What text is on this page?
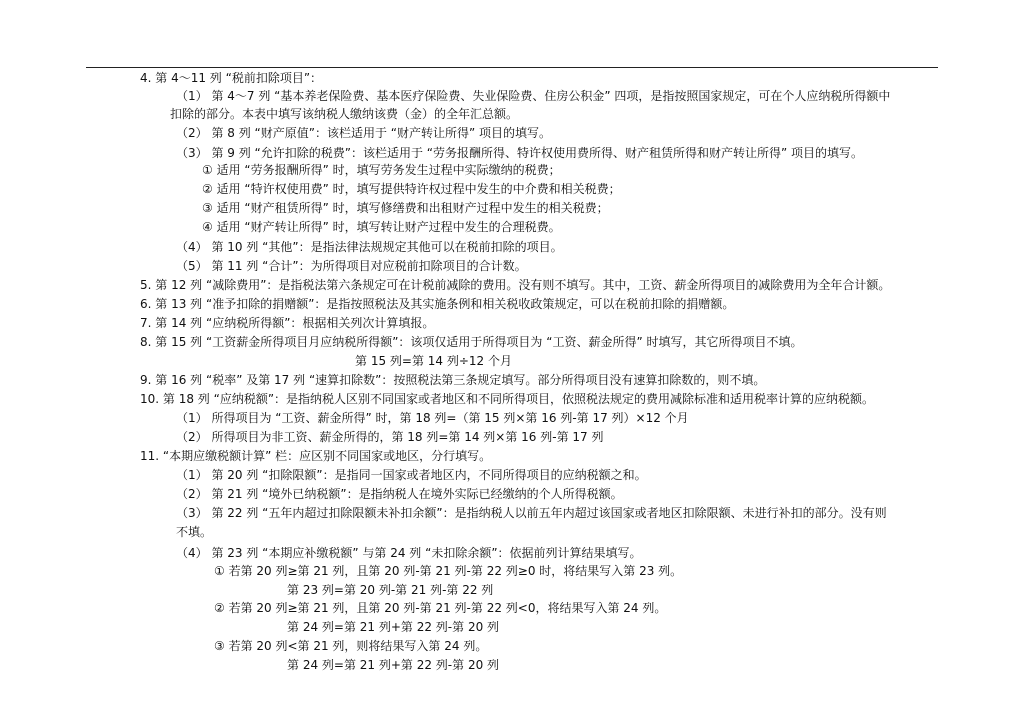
4. 第 4～11 列 “税前扣除项目”：
（1） 第 4～7 列 “基本养老保险费、基本医疗保险费、失业保险费、住房公积金” 四项，是指按照国家规定，可在个人应纳税所得额中
扣除的部分。本表中填写该纳税人缴纳该费（金）的全年汇总额。
（2） 第 8 列 “财产原值”：该栏适用于 “财产转让所得” 项目的填写。
（3） 第 9 列 “允许扣除的税费”：该栏适用于 “劳务报酬所得、特许权使用费所得、财产租赁所得和财产转让所得” 项目的填写。
① 适用 “劳务报酬所得” 时，填写劳务发生过程中实际缴纳的税费；
② 适用 “特许权使用费” 时，填写提供特许权过程中发生的中介费和相关税费；
③ 适用 “财产租赁所得” 时，填写修缮费和出租财产过程中发生的相关税费；
④ 适用 “财产转让所得” 时，填写转让财产过程中发生的合理税费。
（4） 第 10 列 “其他”：是指法律法规规定其他可以在税前扣除的项目。
（5） 第 11 列 “合计”：为所得项目对应税前扣除项目的合计数。
5. 第 12 列 “减除费用”：是指税法第六条规定可在计税前减除的费用。没有则不填写。其中，工资、薪金所得项目的减除费用为全年合计额。
6. 第 13 列 “准予扣除的捐赠额”：是指按照税法及其实施条例和相关税收政策规定，可以在税前扣除的捐赠额。
7. 第 14 列 “应纳税所得额”：根据相关列次计算填报。
8. 第 15 列 “工资薪金所得项目月应纳税所得额”：该项仅适用于所得项目为 “工资、薪金所得” 时填写，其它所得项目不填。
第 15 列=第 14 列÷12 个月
9. 第 16 列 “税率” 及第 17 列 “速算扣除数”：按照税法第三条规定填写。部分所得项目没有速算扣除数的，则不填。
10. 第 18 列 “应纳税额”：是指纳税人区别不同国家或者地区和不同所得项目，依照税法规定的费用减除标准和适用税率计算的应纳税额。
（1） 所得项目为 “工资、薪金所得” 时，第 18 列=（第 15 列×第 16 列-第 17 列）×12 个月
（2） 所得项目为非工资、薪金所得的，第 18 列=第 14 列×第 16 列-第 17 列
11. “本期应缴税额计算” 栏：应区别不同国家或地区，分行填写。
（1） 第 20 列 “扣除限额”：是指同一国家或者地区内，不同所得项目的应纳税额之和。
（2） 第 21 列 “境外已纳税额”：是指纳税人在境外实际已经缴纳的个人所得税额。
（3） 第 22 列 “五年内超过扣除限额未补扣余额”：是指纳税人以前五年内超过该国家或者地区扣除限额、未进行补扣的部分。没有则
不填。
（4） 第 23 列 “本期应补缴税额” 与第 24 列 “未扣除余额”：依据前列计算结果填写。
① 若第 20 列≥第 21 列，且第 20 列-第 21 列-第 22 列≥0 时，将结果写入第 23 列。
第 23 列=第 20 列-第 21 列-第 22 列
② 若第 20 列≥第 21 列，且第 20 列-第 21 列-第 22 列<0，将结果写入第 24 列。
第 24 列=第 21 列+第 22 列-第 20 列
③ 若第 20 列<第 21 列，则将结果写入第 24 列。
第 24 列=第 21 列+第 22 列-第 20 列
